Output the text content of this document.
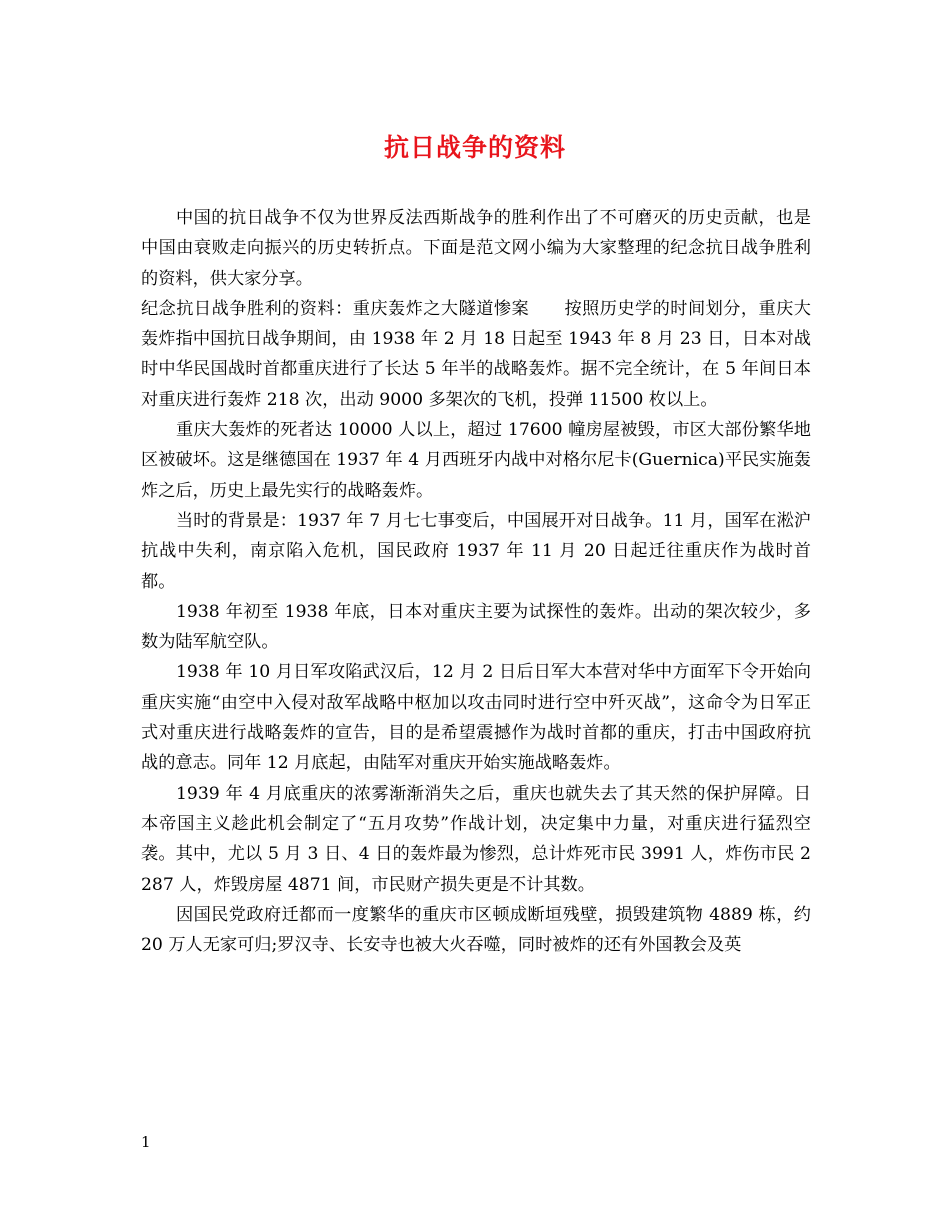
抗日战争的资料

中国的抗日战争不仅为世界反法西斯战争的胜利作出了不可磨灭的历史贡献，也是中国由衰败走向振兴的历史转折点。下面是范文网小编为大家整理的纪念抗日战争胜利的资料，供大家分享。

纪念抗日战争胜利的资料：重庆轰炸之大隧道惨案　　按照历史学的时间划分，重庆大轰炸指中国抗日战争期间，由 1938 年 2 月 18 日起至 1943 年 8 月 23 日，日本对战时中华民国战时首都重庆进行了长达 5 年半的战略轰炸。据不完全统计，在 5 年间日本对重庆进行轰炸 218 次，出动 9000 多架次的飞机，投弹 11500 枚以上。

重庆大轰炸的死者达 10000 人以上，超过 17600 幢房屋被毁，市区大部份繁华地区被破坏。这是继德国在 1937 年 4 月西班牙内战中对格尔尼卡(Guernica)平民实施轰炸之后，历史上最先实行的战略轰炸。

当时的背景是：1937 年 7 月七七事变后，中国展开对日战争。11 月，国军在淞沪抗战中失利，南京陷入危机，国民政府 1937 年 11 月 20 日起迁往重庆作为战时首都。

1938 年初至 1938 年底，日本对重庆主要为试探性的轰炸。出动的架次较少，多数为陆军航空队。

1938 年 10 月日军攻陷武汉后，12 月 2 日后日军大本营对华中方面军下令开始向重庆实施“由空中入侵对敌军战略中枢加以攻击同时进行空中歼灭战”，这命令为日军正式对重庆进行战略轰炸的宣告，目的是希望震撼作为战时首都的重庆，打击中国政府抗战的意志。同年 12 月底起，由陆军对重庆开始实施战略轰炸。

1939 年 4 月底重庆的浓雾渐渐消失之后，重庆也就失去了其天然的保护屏障。日本帝国主义趁此机会制定了“五月攻势”作战计划，决定集中力量，对重庆进行猛烈空袭。其中，尤以 5 月 3 日、4 日的轰炸最为惨烈，总计炸死市民 3991 人，炸伤市民 2287 人，炸毁房屋 4871 间，市民财产损失更是不计其数。

因国民党政府迁都而一度繁华的重庆市区顿成断垣残壁，损毁建筑物 4889 栋，约 20 万人无家可归;罗汉寺、长安寺也被大火吞噬，同时被炸的还有外国教会及英

1
